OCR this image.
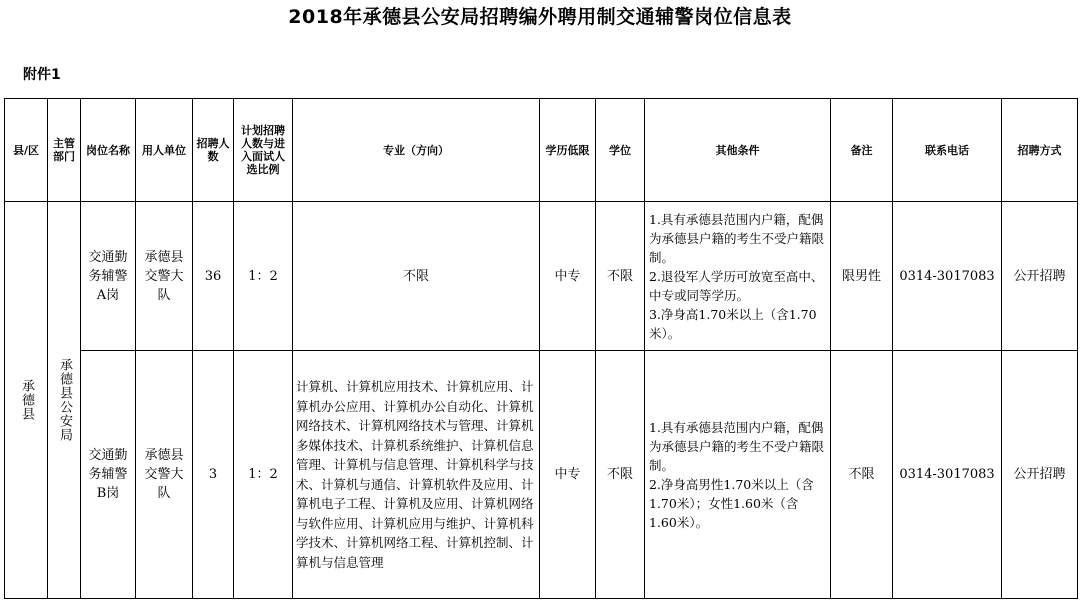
2018年承德县公安局招聘编外聘用制交通辅警岗位信息表
附件1
县/区	主管部门	岗位名称	用人单位	招聘人数	计划招聘人数与进入面试人选比例	专业（方向）	学历低限	学位	其他条件	备注	联系电话	招聘方式

承德县	承德县公安局	交通勤务辅警A岗	承德县交警大队	36	1：2	不限	中专	不限	1.具有承德县范围内户籍，配偶为承德县户籍的考生不受户籍限制。
2.退役军人学历可放宽至高中、中专或同等学历。
3.净身高1.70米以上（含1.70米）。	限男性	0314-3017083	公开招聘
		交通勤务辅警B岗	承德县交警大队	3	1：2	计算机、计算机应用技术、计算机应用、计算机办公应用、计算机办公自动化、计算机网络技术、计算机网络技术与管理、计算机多媒体技术、计算机系统维护、计算机信息管理、计算机与信息管理、计算机科学与技术、计算机与通信、计算机软件及应用、计算机电子工程、计算机及应用、计算机网络与软件应用、计算机应用与维护、计算机科学技术、计算机网络工程、计算机控制、计算机与信息管理	中专	不限	1.具有承德县范围内户籍，配偶为承德县户籍的考生不受户籍限制。
2.净身高男性1.70米以上（含1.70米）；女性1.60米（含1.60米）。	不限	0314-3017083	公开招聘
